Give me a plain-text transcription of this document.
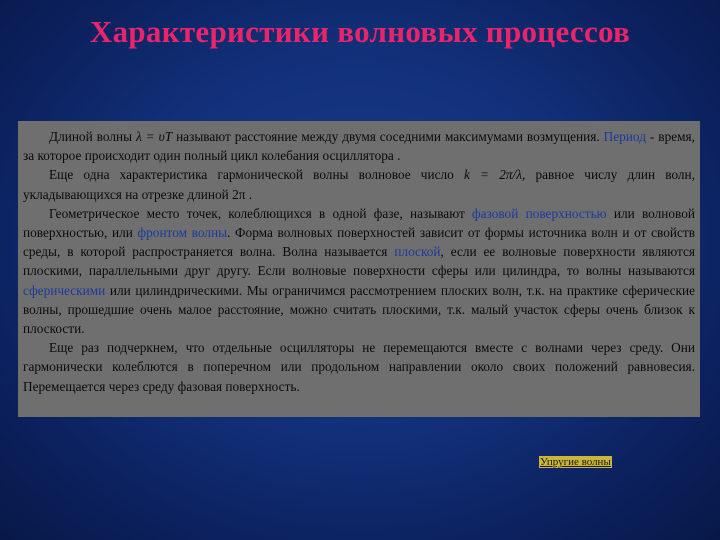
Характеристики волновых процессов

Длиной волны λ = υT называют расстояние между двумя соседними максимумами возмущения. Период - время, за которое происходит один полный цикл колебания осциллятора .

Еще одна характеристика гармонической волны волновое число k = 2π/λ, равное числу длин волн, укладывающихся на отрезке длиной 2π .

Геометрическое место точек, колеблющихся в одной фазе, называют фазовой поверхностью или волновой поверхностью, или фронтом волны. Форма волновых поверхностей зависит от формы источника волн и от свойств среды, в которой распространяется волна. Волна называется плоской, если ее волновые поверхности являются плоскими, параллельными друг другу. Если волновые поверхности сферы или цилиндра, то волны называются сферическими или цилиндрическими. Мы ограничимся рассмотрением плоских волн, т.к. на практике сферические волны, прошедшие очень малое расстояние, можно считать плоскими, т.к. малый участок сферы очень близок к плоскости.

Еще раз подчеркнем, что отдельные осцилляторы не перемещаются вместе с волнами через среду. Они гармонически колеблются в поперечном или продольном направлении около своих положений равновесия. Перемещается через среду фазовая поверхность.

Упругие волны
